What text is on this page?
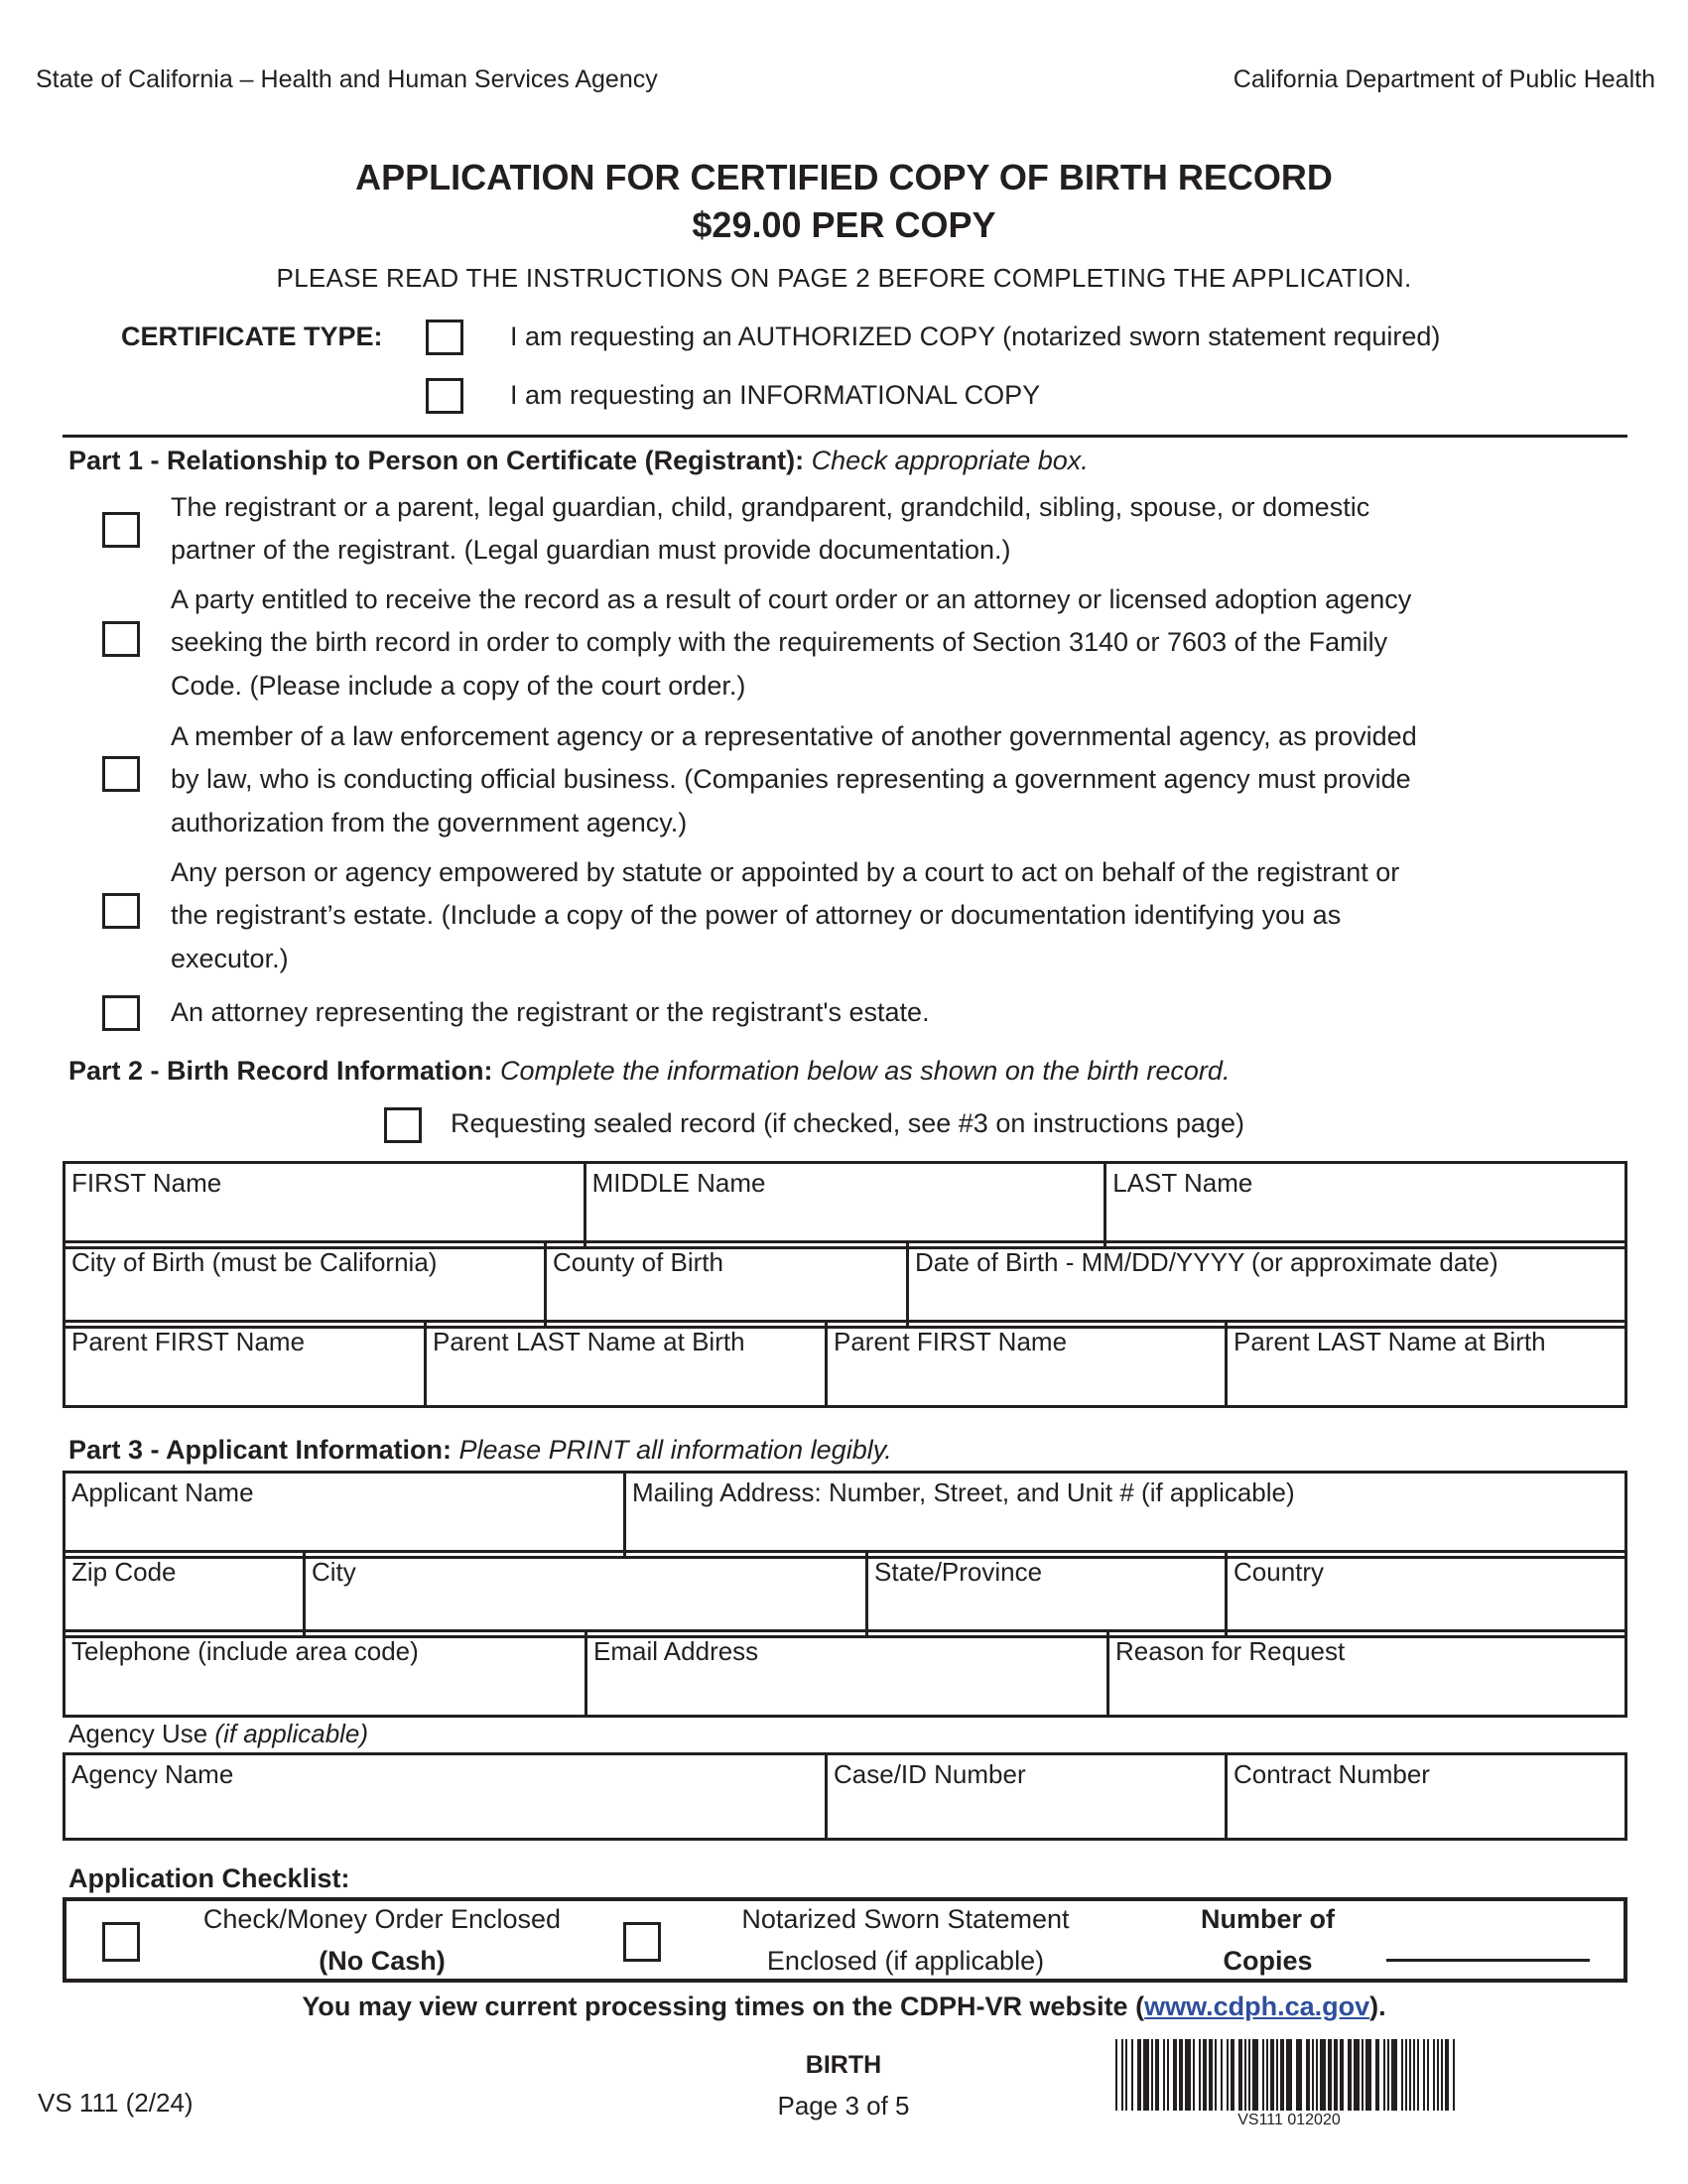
State of California – Health and Human Services Agency	California Department of Public Health
APPLICATION FOR CERTIFIED COPY OF BIRTH RECORD
$29.00 PER COPY
PLEASE READ THE INSTRUCTIONS ON PAGE 2 BEFORE COMPLETING THE APPLICATION.
CERTIFICATE TYPE:	I am requesting an AUTHORIZED COPY (notarized sworn statement required)
I am requesting an INFORMATIONAL COPY
Part 1 - Relationship to Person on Certificate (Registrant): Check appropriate box.
The registrant or a parent, legal guardian, child, grandparent, grandchild, sibling, spouse, or domestic
partner of the registrant. (Legal guardian must provide documentation.)
A party entitled to receive the record as a result of court order or an attorney or licensed adoption agency
seeking the birth record in order to comply with the requirements of Section 3140 or 7603 of the Family
Code. (Please include a copy of the court order.)
A member of a law enforcement agency or a representative of another governmental agency, as provided
by law, who is conducting official business. (Companies representing a government agency must provide
authorization from the government agency.)
Any person or agency empowered by statute or appointed by a court to act on behalf of the registrant or
the registrant’s estate. (Include a copy of the power of attorney or documentation identifying you as
executor.)
An attorney representing the registrant or the registrant's estate.
Part 2 - Birth Record Information: Complete the information below as shown on the birth record.
Requesting sealed record (if checked, see #3 on instructions page)
FIRST Name	MIDDLE Name	LAST Name
City of Birth (must be California)	County of Birth	Date of Birth - MM/DD/YYYY (or approximate date)
Parent FIRST Name	Parent LAST Name at Birth	Parent FIRST Name	Parent LAST Name at Birth
Part 3 - Applicant Information: Please PRINT all information legibly.
Applicant Name	Mailing Address: Number, Street, and Unit # (if applicable)
Zip Code	City	State/Province	Country
Telephone (include area code)	Email Address	Reason for Request
Agency Use (if applicable)
Agency Name	Case/ID Number	Contract Number
Application Checklist:
Check/Money Order Enclosed
(No Cash)
Notarized Sworn Statement
Enclosed (if applicable)
Number of
Copies
You may view current processing times on the CDPH-VR website (www.cdph.ca.gov).
VS 111 (2/24)
BIRTH
Page 3 of 5	VS111 012020
